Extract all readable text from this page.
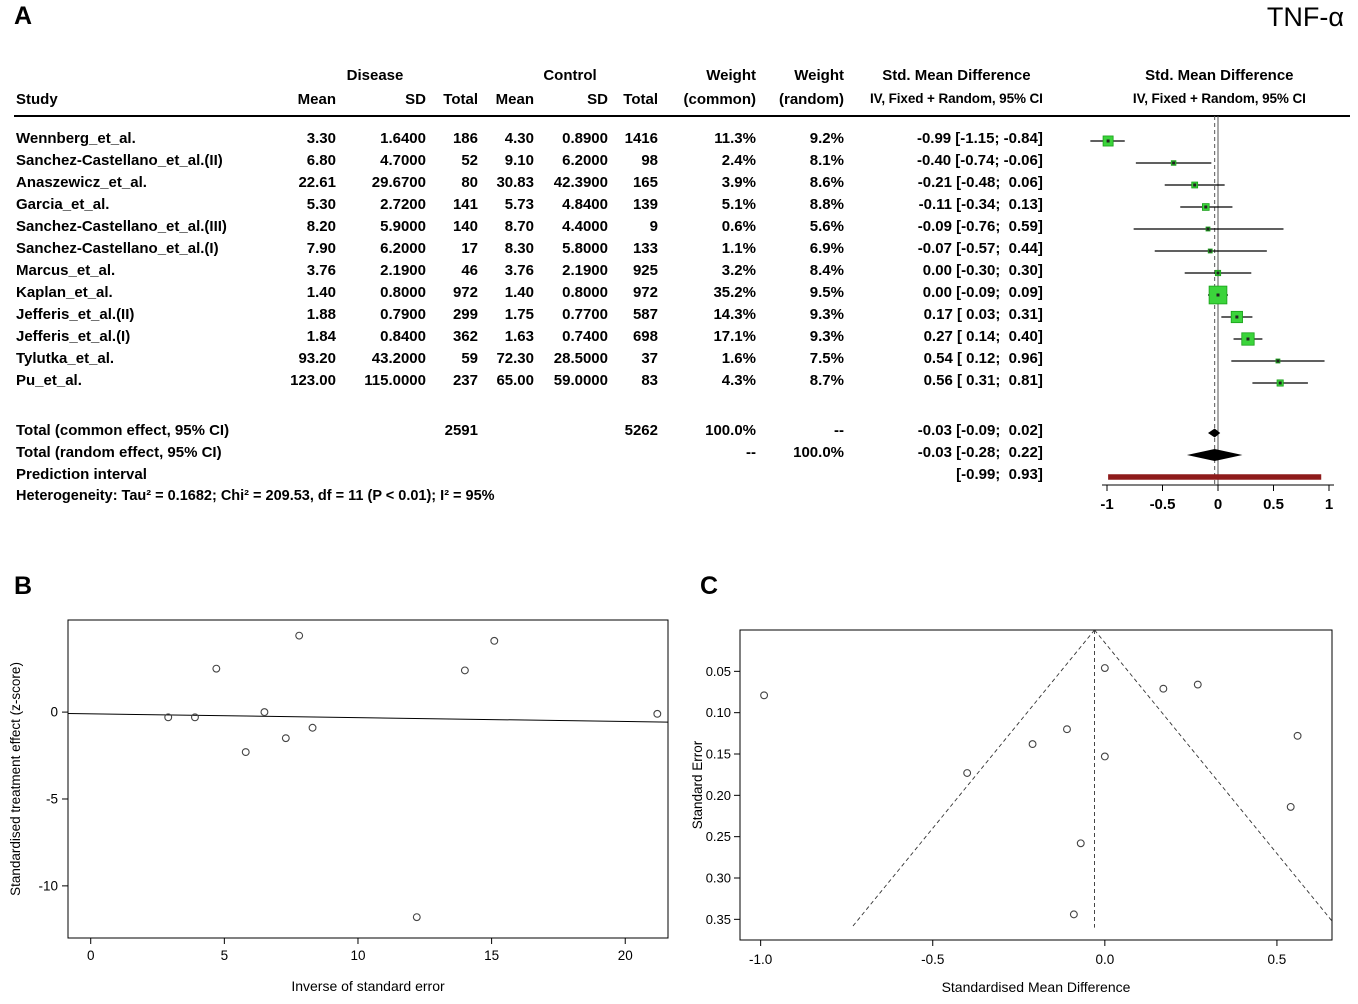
A	TNF-α
	Disease			Control			Weight	Weight	Std. Mean Difference	Std. Mean Difference
Study	Mean	SD	Total	Mean	SD	Total	(common)	(random)	IV, Fixed + Random, 95% CI	IV, Fixed + Random, 95% CI

Wennberg_et_al.	3.30	1.6400	186	4.30	0.8900	1416	11.3%	9.2%	-0.99 [-1.15; -0.84]	
Sanchez-Castellano_et_al.(II)	6.80	4.7000	52	9.10	6.2000	98	2.4%	8.1%	-0.40 [-0.74; -0.06]	
Anaszewicz_et_al.	22.61	29.6700	80	30.83	42.3900	165	3.9%	8.6%	-0.21 [-0.48;  0.06]	
Garcia_et_al.	5.30	2.7200	141	5.73	4.8400	139	5.1%	8.8%	-0.11 [-0.34;  0.13]	
Sanchez-Castellano_et_al.(III)	8.20	5.9000	140	8.70	4.4000	9	0.6%	5.6%	-0.09 [-0.76;  0.59]	
Sanchez-Castellano_et_al.(I)	7.90	6.2000	17	8.30	5.8000	133	1.1%	6.9%	-0.07 [-0.57;  0.44]	
Marcus_et_al.	3.76	2.1900	46	3.76	2.1900	925	3.2%	8.4%	0.00 [-0.30;  0.30]	
Kaplan_et_al.	1.40	0.8000	972	1.40	0.8000	972	35.2%	9.5%	0.00 [-0.09;  0.09]	
Jefferis_et_al.(II)	1.88	0.7900	299	1.75	0.7700	587	14.3%	9.3%	0.17 [ 0.03;  0.31]	
Jefferis_et_al.(I)	1.84	0.8400	362	1.63	0.7400	698	17.1%	9.3%	0.27 [ 0.14;  0.40]	
Tylutka_et_al.	93.20	43.2000	59	72.30	28.5000	37	1.6%	7.5%	0.54 [ 0.12;  0.96]	
Pu_et_al.	123.00	115.0000	237	65.00	59.0000	83	4.3%	8.7%	0.56 [ 0.31;  0.81]	

Total (common effect, 95% CI)			2591			5262	100.0%	--	-0.03 [-0.09;  0.02]	
Total (random effect, 95% CI)							--	100.0%	-0.03 [-0.28;  0.22]	
Prediction interval									[-0.99;  0.93]	
Heterogeneity: Tau² = 0.1682; Chi² = 209.53, df = 11 (P < 0.01); I² = 95%											-1 -0.5	0	0.5	1
B
0
-5
-10
0	5	10	15	20
Inverse of standard error
Standardised treatment effect (z-score)
C
0.05
0.10
0.15
0.20
0.25
0.30
0.35
-1.0	-0.5	0.0	0.5
Standardised Mean Difference
Standard Error
